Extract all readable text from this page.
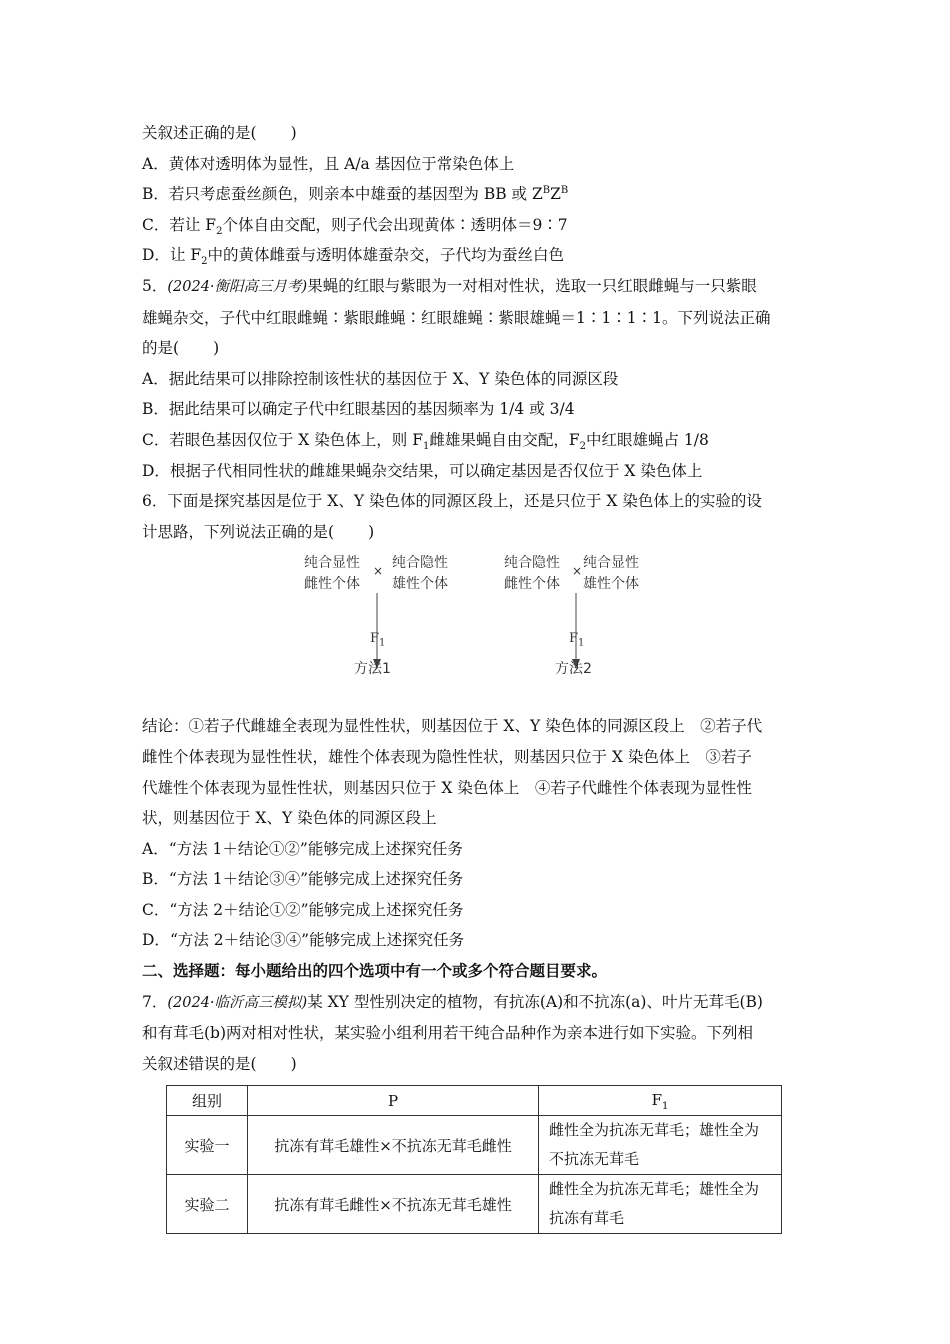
关叙述正确的是( )
A．黄体对透明体为显性，且 A/a 基因位于常染色体上
B．若只考虑蚕丝颜色，则亲本中雄蚕的基因型为 BB 或 $Z^BZ^B$
C．若让 $F_2$个体自由交配，则子代会出现黄体∶透明体＝9∶7
D．让 $F_2$中的黄体雌蚕与透明体雄蚕杂交，子代均为蚕丝白色
5．(2024·衡阳高三月考)果蝇的红眼与紫眼为一对相对性状，选取一只红眼雌蝇与一只紫眼
雄蝇杂交，子代中红眼雌蝇∶紫眼雌蝇∶红眼雄蝇∶紫眼雄蝇＝1∶1∶1∶1。下列说法正确
的是( )
A．据此结果可以排除控制该性状的基因位于 X、Y 染色体的同源区段
B．据此结果可以确定子代中红眼基因的基因频率为 1/4 或 3/4
C．若眼色基因仅位于 X 染色体上，则 $F_1$雌雄果蝇自由交配，$F_2$中红眼雄蝇占 1/8
D．根据子代相同性状的雌雄果蝇杂交结果，可以确定基因是否仅位于 X 染色体上
6．下面是探究基因是位于 X、Y 染色体的同源区段上，还是只位于 X 染色体上的实验的设
计思路，下列说法正确的是( )
纯合显性
雌性个体
× 纯合隐性
雄性个体
$F_1$
方法1
纯合隐性
雌性个体
× 纯合显性
雄性个体
$F_1$
方法2
结论：①若子代雌雄全表现为显性性状，则基因位于 X、Y 染色体的同源区段上　②若子代
雌性个体表现为显性性状，雄性个体表现为隐性性状，则基因只位于 X 染色体上　③若子
代雄性个体表现为显性性状，则基因只位于 X 染色体上　④若子代雌性个体表现为显性性
状，则基因位于 X、Y 染色体的同源区段上
A．“方法 1＋结论①②”能够完成上述探究任务
B．“方法 1＋结论③④”能够完成上述探究任务
C．“方法 2＋结论①②”能够完成上述探究任务
D．“方法 2＋结论③④”能够完成上述探究任务
二、选择题：每小题给出的四个选项中有一个或多个符合题目要求。
7．(2024·临沂高三模拟)某 XY 型性别决定的植物，有抗冻(A)和不抗冻(a)、叶片无茸毛(B)
和有茸毛(b)两对相对性状，某实验小组利用若干纯合品种作为亲本进行如下实验。下列相
关叙述错误的是( )
组别	P	$F_1$
实验一	抗冻有茸毛雄性×不抗冻无茸毛雌性	雌性全为抗冻无茸毛；雄性全为不抗冻无茸毛
实验二	抗冻有茸毛雌性×不抗冻无茸毛雄性	雌性全为抗冻无茸毛；雄性全为抗冻有茸毛
